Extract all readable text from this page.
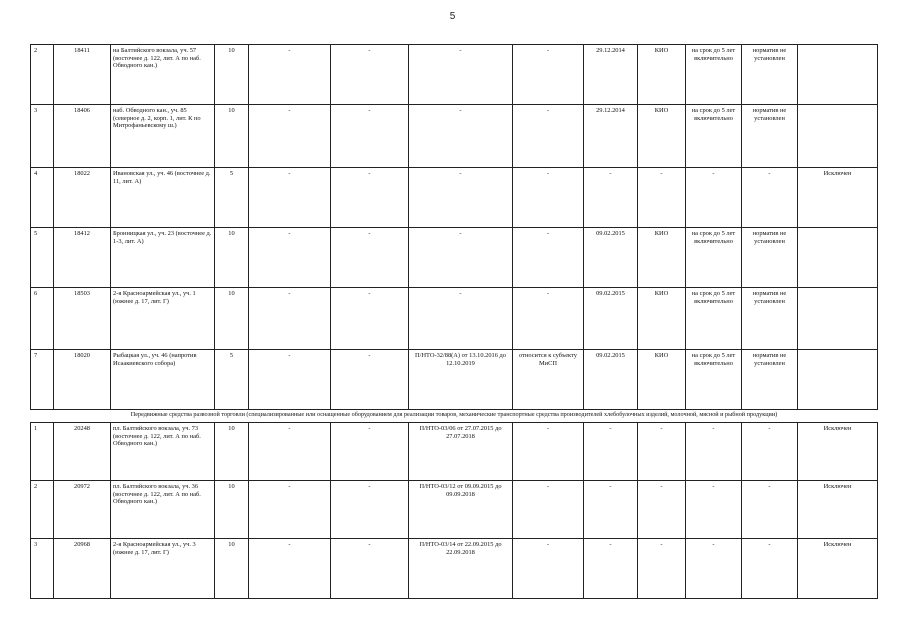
5
2	18411	на Балтийского вокзала, уч. 57 (восточнее д. 122, лит. А по наб. Обводного кан.)	10	-	-	-	-	29.12.2014	КИО	на срок до 5 лет включительно	норматив не установлен	
3	18406	наб. Обводного кан., уч. 85 (северное д. 2, корп. 1, лит. К по Митрофаньевскому ш.)	10	-	-	-	-	29.12.2014	КИО	на срок до 5 лет включительно	норматив не установлен	
4	18022	Ивановская ул., уч. 46 (восточнее д. 11, лит. А)	5	-	-	-	-	-	-	-	-	Исключен
5	18412	Бронницкая ул., уч. 23 (восточнее д. 1-3, лит. А)	10	-	-	-	-	09.02.2015	КИО	на срок до 5 лет включительно	норматив не установлен	
6	18503	2-я Красноармейская ул., уч. 1 (южнее д. 17, лит. Г)	10	-	-	-	-	09.02.2015	КИО	на срок до 5 лет включительно	норматив не установлен	
7	18020	Рыбацкая ул., уч. 46 (напротив Исаакиевского собора)	5	-	-	П/НТО-32/88(А) от 13.10.2016 до 12.10.2019	относится к субъекту МиСП	09.02.2015	КИО	на срок до 5 лет включительно	норматив не установлен	
Передвижные средства развозной торговли (специализированные или оснащенные оборудованием для реализации товаров, механические транспортные средства производителей хлебобулочных изделий, молочной, мясной и рыбной продукции)												
1	20248	пл. Балтийского вокзала, уч. 73 (восточнее д. 122, лит. А по наб. Обводного кан.)	10	-	-	П/НТО-03/06 от 27.07.2015 до 27.07.2018	-	-	-	-	-	Исключен
2	20972	пл. Балтийского вокзала, уч. 36 (восточнее д. 122, лит. А по наб. Обводного кан.)	10	-	-	П/НТО-03/12 от 09.09.2015 до 09.09.2018	-	-	-	-	-	Исключен
3	20968	2-я Красноармейская ул., уч. 3 (южнее д. 17, лит. Г)	10	-	-	П/НТО-03/14 от 22.09.2015 до 22.09.2018	-	-	-	-	-	Исключен
